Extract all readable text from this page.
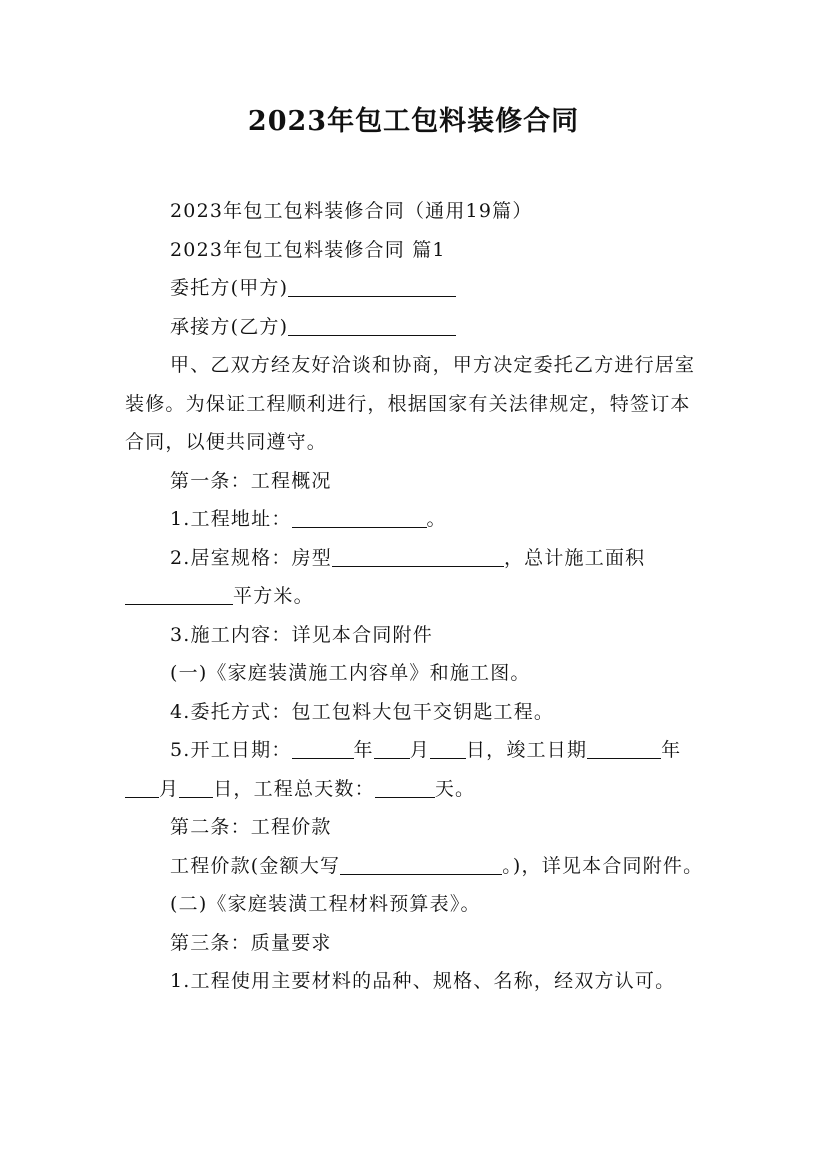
2023年包工包料装修合同

2023年包工包料装修合同（通用19篇）

2023年包工包料装修合同 篇1

委托方(甲方)

承接方(乙方)

甲、乙双方经友好洽谈和协商，甲方决定委托乙方进行居室装修。为保证工程顺利进行，根据国家有关法律规定，特签订本合同，以便共同遵守。

第一条：工程概况

1.工程地址：	。

2.居室规格：房型	，总计施工面积平方米。

3.施工内容：详见本合同附件

(一)《家庭装潢施工内容单》和施工图。

4.委托方式：包工包料大包干交钥匙工程。

5.开工日期：	年 月 日，竣工日期	年月 日，工程总天数：	天。

第二条：工程价款

工程价款(金额大写	。)，详见本合同附件。

(二)《家庭装潢工程材料预算表》。

第三条：质量要求

1.工程使用主要材料的品种、规格、名称，经双方认可。
